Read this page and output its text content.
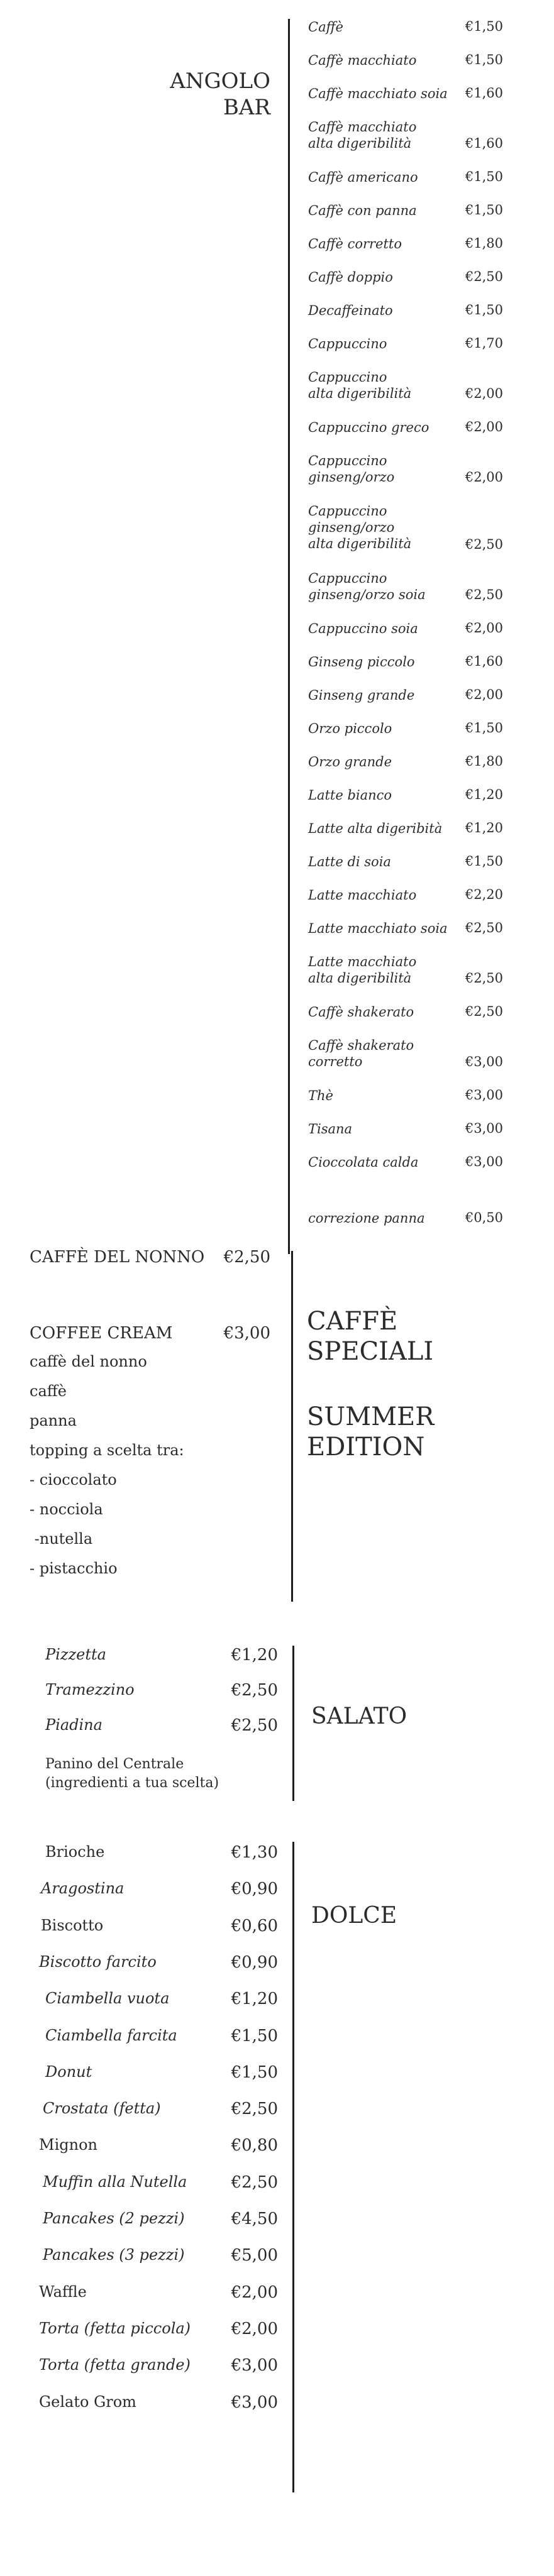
ANGOLO
BAR
Caffè	€1,50
Caffè macchiato	€1,50
Caffè macchiato soia	€1,60
Caffè macchiato
alta digeribilità	€1,60
Caffè americano	€1,50
Caffè con panna	€1,50
Caffè corretto	€1,80
Caffè doppio	€2,50
Decaffeinato	€1,50
Cappuccino	€1,70
Cappuccino
alta digeribilità	€2,00
Cappuccino greco	€2,00
Cappuccino
ginseng/orzo	€2,00
Cappuccino
ginseng/orzo
alta digeribilità	€2,50
Cappuccino
ginseng/orzo soia	€2,50
Cappuccino soia	€2,00
Ginseng piccolo	€1,60
Ginseng grande	€2,00
Orzo piccolo	€1,50
Orzo grande	€1,80
Latte bianco	€1,20
Latte alta digeribità	€1,20
Latte di soia	€1,50
Latte macchiato	€2,20
Latte macchiato soia	€2,50
Latte macchiato
alta digeribilità	€2,50
Caffè shakerato	€2,50
Caffè shakerato
corretto	€3,00
Thè	€3,00
Tisana	€3,00
Cioccolata calda	€3,00
correzione panna	€0,50
CAFFÈ DEL NONNO	€2,50
COFFEE CREAM	€3,00
caffè del nonno
caffè
panna
topping a scelta tra:
- cioccolato
- nocciola
-nutella
- pistacchio
CAFFÈ
SPECIALI
SUMMER
EDITION
Pizzetta	€1,20
Tramezzino	€2,50
Piadina	€2,50
Panino del Centrale
(ingredienti a tua scelta)
SALATO
Brioche	€1,30
Aragostina	€0,90
Biscotto	€0,60
Biscotto farcito	€0,90
Ciambella vuota	€1,20
Ciambella farcita	€1,50
Donut	€1,50
Crostata (fetta)	€2,50
Mignon	€0,80
Muffin alla Nutella	€2,50
Pancakes (2 pezzi)	€4,50
Pancakes (3 pezzi)	€5,00
Waffle	€2,00
Torta (fetta piccola)	€2,00
Torta (fetta grande)	€3,00
Gelato Grom	€3,00
DOLCE
